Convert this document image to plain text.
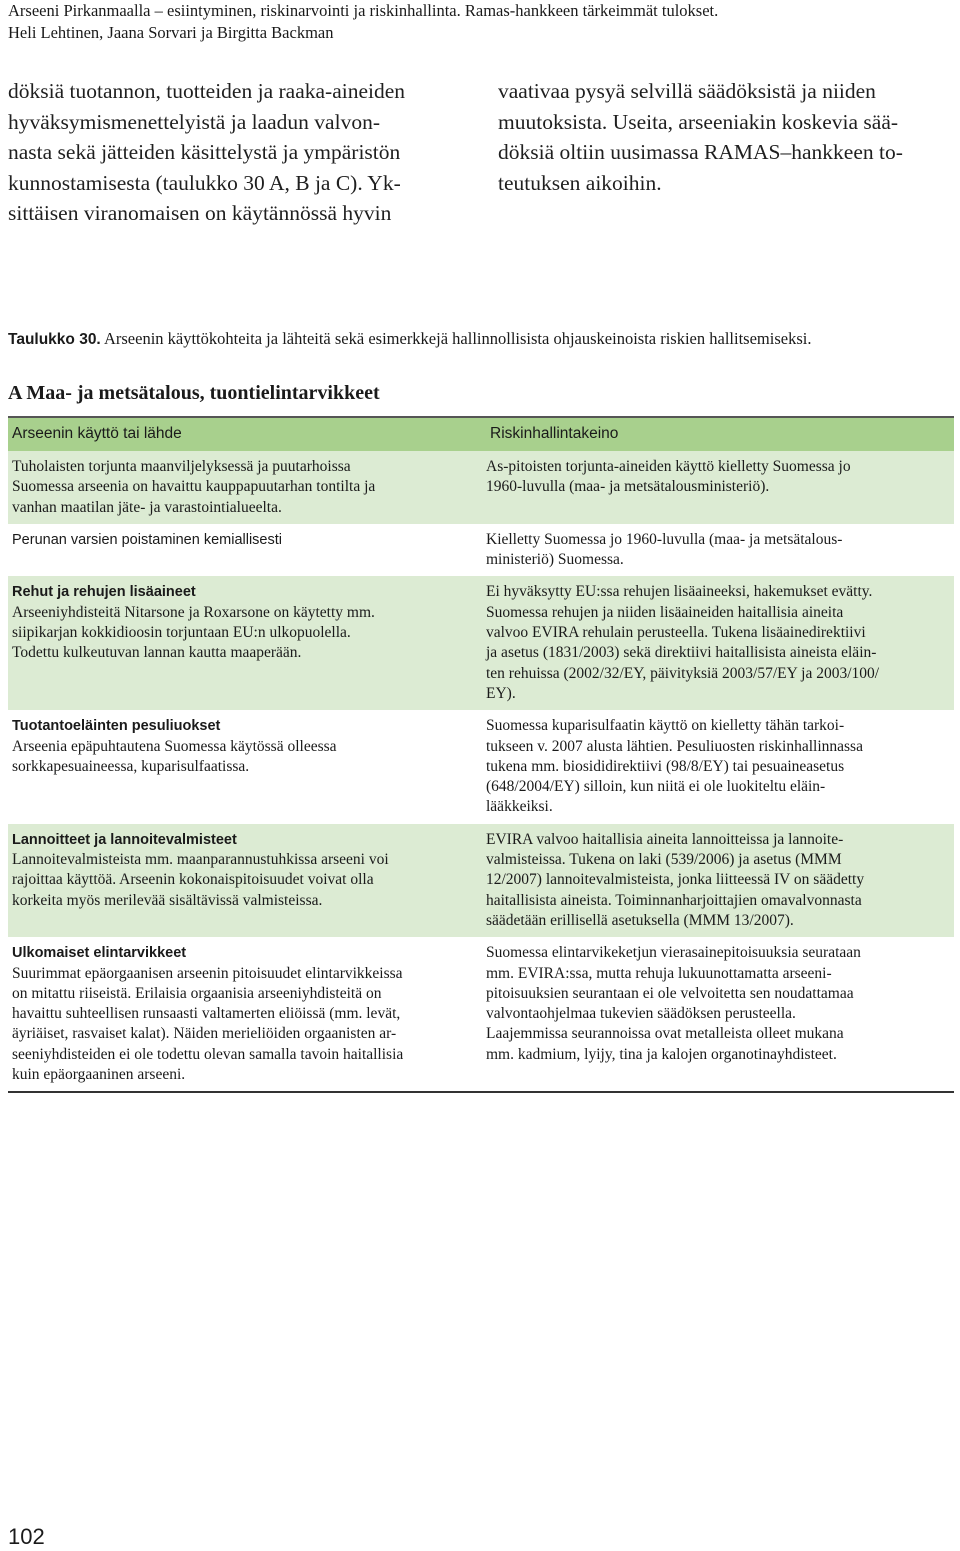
Arseeni Pirkanmaalla – esiintyminen, riskinarvointi ja riskinhallinta. Ramas-hankkeen tärkeimmät tulokset.
Heli Lehtinen, Jaana Sorvari ja Birgitta Backman
döksiä tuotannon, tuotteiden ja raaka-aineiden
hyväksymismenettelyistä ja laadun valvon-
nasta sekä jätteiden käsittelystä ja ympäristön
kunnostamisesta (taulukko 30 A, B ja C). Yk-
sittäisen viranomaisen on käytännössä hyvin
vaativaa pysyä selvillä säädöksistä ja niiden
muutoksista. Useita, arseeniakin koskevia sää-
döksiä oltiin uusimassa RAMAS–hankkeen to-
teutuksen aikoihin.
Taulukko 30. Arseenin käyttökohteita ja lähteitä sekä esimerkkejä hallinnollisista ohjauskeinoista riskien hallitsemiseksi.
A Maa- ja metsätalous, tuontielintarvikkeet
Arseenin käyttö tai lähde	Riskinhallintakeino
Tuholaisten torjunta maanviljelyksessä ja puutarhoissa
Suomessa arseenia on havaittu kauppapuutarhan tontilta ja
vanhan maatilan jäte- ja varastointialueelta.
As-pitoisten torjunta-aineiden käyttö kielletty Suomessa jo
1960-luvulla (maa- ja metsätalousministeriö).
Perunan varsien poistaminen kemiallisesti	Kielletty Suomessa jo 1960-luvulla (maa- ja metsätalous-
ministeriö) Suomessa.
Rehut ja rehujen lisäaineet
Arseeniyhdisteitä Nitarsone ja Roxarsone on käytetty mm.
siipikarjan kokkidioosin torjuntaan EU:n ulkopuolella.
Todettu kulkeutuvan lannan kautta maaperään.
Ei hyväksytty EU:ssa rehujen lisäaineeksi, hakemukset evätty.
Suomessa rehujen ja niiden lisäaineiden haitallisia aineita
valvoo EVIRA rehulain perusteella. Tukena lisäainedirektiivi
ja asetus (1831/2003) sekä direktiivi haitallisista aineista eläin-
ten rehuissa (2002/32/EY, päivityksiä 2003/57/EY ja 2003/100/
EY).
Tuotantoeläinten pesuliuokset
Arseenia epäpuhtautena Suomessa käytössä olleessa
sorkkapesuaineessa, kuparisulfaatissa.
Suomessa kuparisulfaatin käyttö on kielletty tähän tarkoi-
tukseen v. 2007 alusta lähtien. Pesuliuosten riskinhallinnassa
tukena mm. biosididirektiivi (98/8/EY) tai pesuaineasetus
(648/2004/EY) silloin, kun niitä ei ole luokiteltu eläin-
lääkkeiksi.
Lannoitteet ja lannoitevalmisteet
Lannoitevalmisteista mm. maanparannustuhkissa arseeni voi
rajoittaa käyttöä. Arseenin kokonaispitoisuudet voivat olla
korkeita myös merilevää sisältävissä valmisteissa.
EVIRA valvoo haitallisia aineita lannoitteissa ja lannoite-
valmisteissa. Tukena on laki (539/2006) ja asetus (MMM
12/2007) lannoitevalmisteista, jonka liitteessä IV on säädetty
haitallisista aineista. Toiminnanharjoittajien omavalvonnasta
säädetään erillisellä asetuksella (MMM 13/2007).
Ulkomaiset elintarvikkeet
Suurimmat epäorgaanisen arseenin pitoisuudet elintarvikkeissa
on mitattu riiseistä. Erilaisia orgaanisia arseeniyhdisteitä on
havaittu suhteellisen runsaasti valtamerten eliöissä (mm. levät,
äyriäiset, rasvaiset kalat). Näiden merieliöiden orgaanisten ar-
seeniyhdisteiden ei ole todettu olevan samalla tavoin haitallisia
kuin epäorgaaninen arseeni.
Suomessa elintarvikeketjun vierasainepitoisuuksia seurataan
mm. EVIRA:ssa, mutta rehuja lukuunottamatta arseeni-
pitoisuuksien seurantaan ei ole velvoitetta sen noudattamaa
valvontaohjelmaa tukevien säädöksen perusteella.
Laajemmissa seurannoissa ovat metalleista olleet mukana
mm. kadmium, lyijy, tina ja kalojen organotinayhdisteet.
102
